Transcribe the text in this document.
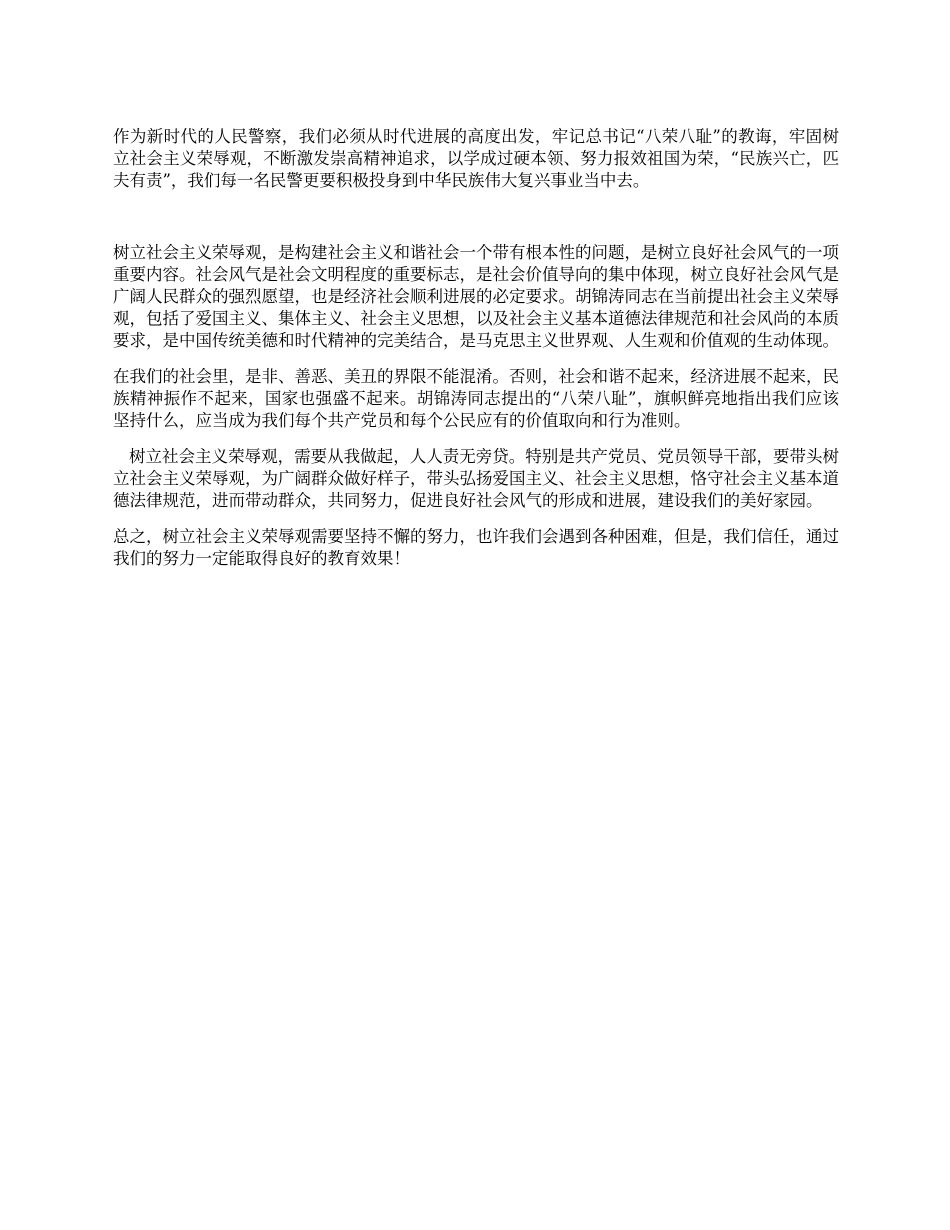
作为新时代的人民警察，我们必须从时代进展的高度出发，牢记总书记“八荣八耻”的教诲，牢固树立社会主义荣辱观，不断激发崇高精神追求，以学成过硬本领、努力报效祖国为荣，“民族兴亡，匹夫有责”，我们每一名民警更要积极投身到中华民族伟大复兴事业当中去。

树立社会主义荣辱观，是构建社会主义和谐社会一个带有根本性的问题，是树立良好社会风气的一项重要内容。社会风气是社会文明程度的重要标志，是社会价值导向的集中体现，树立良好社会风气是广阔人民群众的强烈愿望，也是经济社会顺利进展的必定要求。胡锦涛同志在当前提出社会主义荣辱观，包括了爱国主义、集体主义、社会主义思想，以及社会主义基本道德法律规范和社会风尚的本质要求，是中国传统美德和时代精神的完美结合，是马克思主义世界观、人生观和价值观的生动体现。

在我们的社会里，是非、善恶、美丑的界限不能混淆。否则，社会和谐不起来，经济进展不起来，民族精神振作不起来，国家也强盛不起来。胡锦涛同志提出的“八荣八耻”，旗帜鲜亮地指出我们应该坚持什么，应当成为我们每个共产党员和每个公民应有的价值取向和行为准则。

树立社会主义荣辱观，需要从我做起，人人责无旁贷。特别是共产党员、党员领导干部，要带头树立社会主义荣辱观，为广阔群众做好样子，带头弘扬爱国主义、社会主义思想，恪守社会主义基本道德法律规范，进而带动群众，共同努力，促进良好社会风气的形成和进展，建设我们的美好家园。

总之，树立社会主义荣辱观需要坚持不懈的努力，也许我们会遇到各种困难，但是，我们信任，通过我们的努力一定能取得良好的教育效果！
